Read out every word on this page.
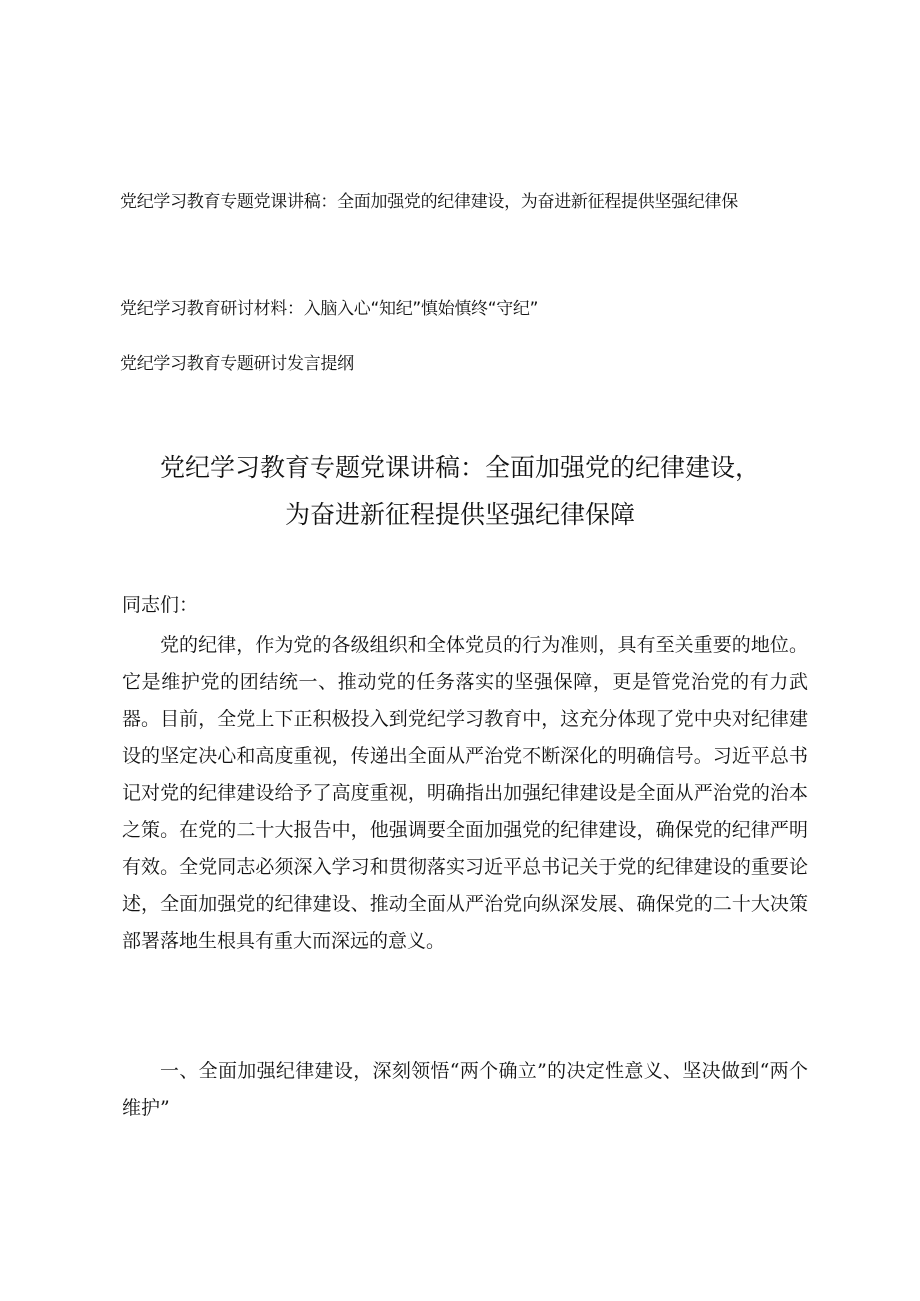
党纪学习教育专题党课讲稿：全面加强党的纪律建设，为奋进新征程提供坚强纪律保
党纪学习教育研讨材料：入脑入心“知纪”慎始慎终“守纪”
党纪学习教育专题研讨发言提纲
党纪学习教育专题党课讲稿：全面加强党的纪律建设，
为奋进新征程提供坚强纪律保障

同志们：

党的纪律，作为党的各级组织和全体党员的行为准则，具有至关重要的地位。它是维护党的团结统一、推动党的任务落实的坚强保障，更是管党治党的有力武器。目前，全党上下正积极投入到党纪学习教育中，这充分体现了党中央对纪律建设的坚定决心和高度重视，传递出全面从严治党不断深化的明确信号。习近平总书记对党的纪律建设给予了高度重视，明确指出加强纪律建设是全面从严治党的治本之策。在党的二十大报告中，他强调要全面加强党的纪律建设，确保党的纪律严明有效。全党同志必须深入学习和贯彻落实习近平总书记关于党的纪律建设的重要论述，全面加强党的纪律建设、推动全面从严治党向纵深发展、确保党的二十大决策部署落地生根具有重大而深远的意义。

一、全面加强纪律建设，深刻领悟“两个确立”的决定性意义、坚决做到“两个维护”
